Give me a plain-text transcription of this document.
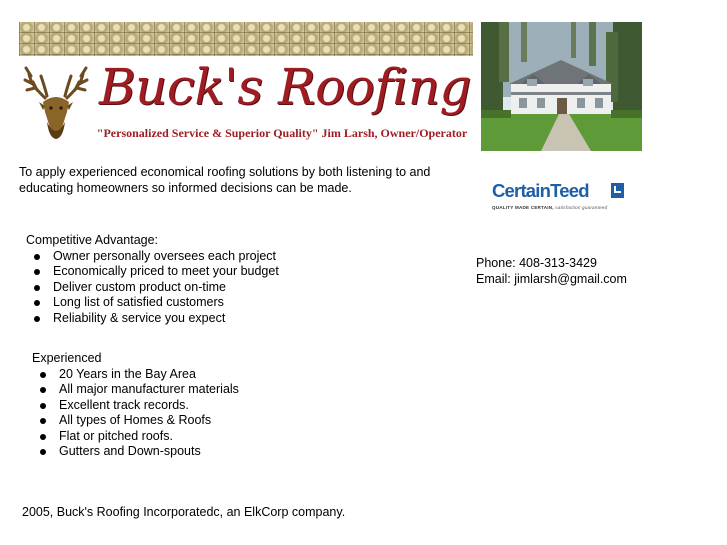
Buck's Roofing
"Personalized Service & Superior Quality" Jim Larsh, Owner/Operator
To apply experienced economical roofing solutions by both listening to and educating homeowners so informed decisions can be made.	CertainTeed
QUALITY MADE CERTAIN, satisfaction guaranteed
Competitive Advantage:
Owner personally oversees each project
Economically priced to meet your budget
Deliver custom product on-time
Long list of satisfied customers
Reliability & service you expect
Experienced
20 Years in the Bay Area
All major manufacturer materials
Excellent track records.
All types of Homes & Roofs
Flat or pitched roofs.
Gutters and Down-spouts
Phone: 408-313-3429
Email: jimlarsh@gmail.com
2005, Buck's Roofing Incorporatedc, an ElkCorp company.
